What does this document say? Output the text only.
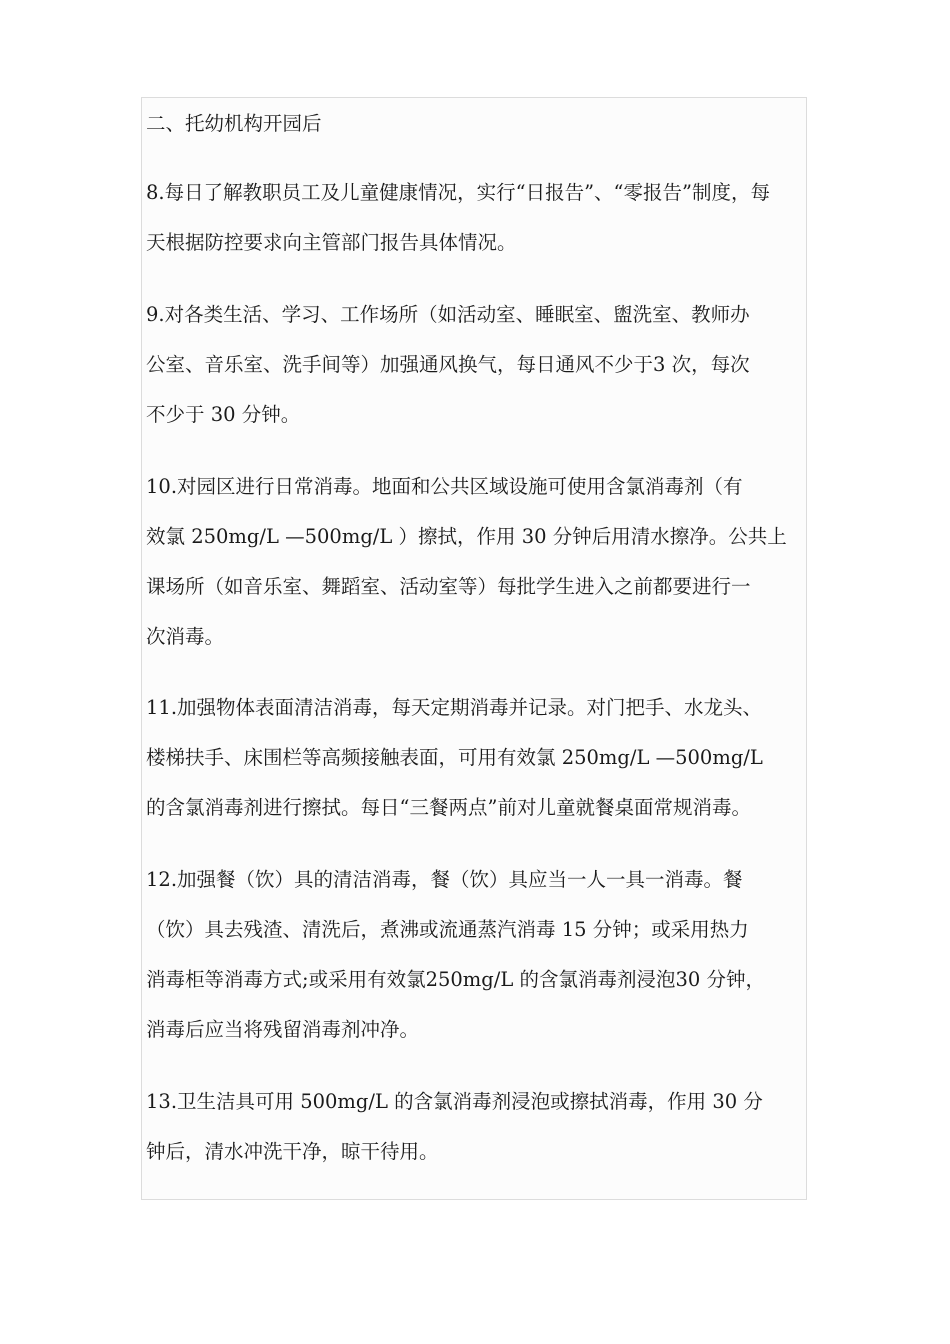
二、托幼机构开园后

8.每日了解教职员工及儿童健康情况，实行“日报告”、“零报告”制度，每
天根据防控要求向主管部门报告具体情况。
9.对各类生活、学习、工作场所（如活动室、睡眠室、盥洗室、教师办
公室、音乐室、洗手间等）加强通风换气，每日通风不少于3 次，每次
不少于 30 分钟。
10.对园区进行日常消毒。地面和公共区域设施可使用含氯消毒剂（有
效氯 250mg/L —500mg/L ）擦拭，作用 30 分钟后用清水擦净。公共上
课场所（如音乐室、舞蹈室、活动室等）每批学生进入之前都要进行一
次消毒。
11.加强物体表面清洁消毒，每天定期消毒并记录。对门把手、水龙头、
楼梯扶手、床围栏等高频接触表面，可用有效氯 250mg/L —500mg/L
的含氯消毒剂进行擦拭。每日“三餐两点”前对儿童就餐桌面常规消毒。
12.加强餐（饮）具的清洁消毒，餐（饮）具应当一人一具一消毒。餐
（饮）具去残渣、清洗后，煮沸或流通蒸汽消毒 15 分钟；或采用热力
消毒柜等消毒方式;或采用有效氯250mg/L 的含氯消毒剂浸泡30 分钟，
消毒后应当将残留消毒剂冲净。
13.卫生洁具可用 500mg/L 的含氯消毒剂浸泡或擦拭消毒，作用 30 分
钟后，清水冲洗干净，晾干待用。
